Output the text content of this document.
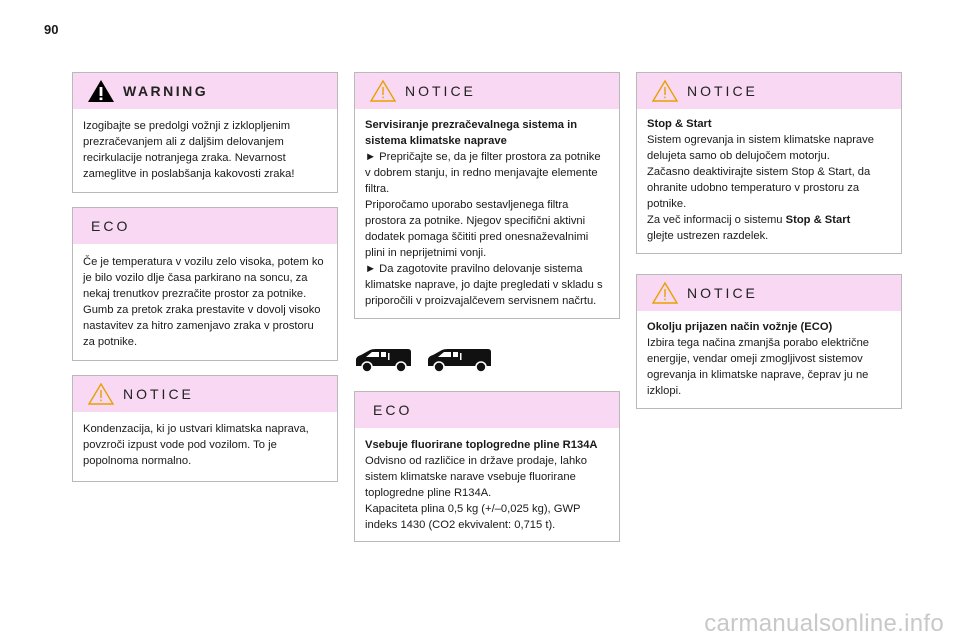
90
WARNING

Izogibajte se predolgi vožnji z izklopljenim prezračevanjem ali z daljšim delovanjem recirkulacije notranjega zraka. Nevarnost zameglitve in poslabšanja kakovosti zraka!

ECO

Če je temperatura v vozilu zelo visoka, potem ko je bilo vozilo dlje časa parkirano na soncu, za nekaj trenutkov prezračite prostor za potnike.

Gumb za pretok zraka prestavite v dovolj visoko nastavitev za hitro zamenjavo zraka v prostoru za potnike.

NOTICE

Kondenzacija, ki jo ustvari klimatska naprava, povzroči izpust vode pod vozilom. To je popolnoma normalno.

NOTICE

Servisiranje prezračevalnega sistema in sistema klimatske naprave

► Prepričajte se, da je filter prostora za potnike v dobrem stanju, in redno menjavajte elemente filtra.

Priporočamo uporabo sestavljenega filtra prostora za potnike. Njegov specifični aktivni dodatek pomaga ščititi pred onesnaževalnimi plini in neprijetnimi vonji.

► Da zagotovite pravilno delovanje sistema klimatske naprave, jo dajte pregledati v skladu s priporočili v proizvajalčevem servisnem načrtu.

ECO

Vsebuje fluorirane toplogredne pline R134A

Odvisno od različice in države prodaje, lahko sistem klimatske narave vsebuje fluorirane toplogredne pline R134A.

Kapaciteta plina 0,5 kg (+/–0,025 kg), GWP indeks 1430 (CO2 ekvivalent: 0,715 t).

NOTICE

Stop & Start

Sistem ogrevanja in sistem klimatske naprave delujeta samo ob delujočem motorju.

Začasno deaktivirajte sistem Stop & Start, da ohranite udobno temperaturo v prostoru za potnike.

Za več informacij o sistemu Stop & Start

glejte ustrezen razdelek.

NOTICE

Okolju prijazen način vožnje (ECO)

Izbira tega načina zmanjša porabo električne energije, vendar omeji zmogljivost sistemov ogrevanja in klimatske naprave, čeprav ju ne izklopi.

carmanualsonline.info
